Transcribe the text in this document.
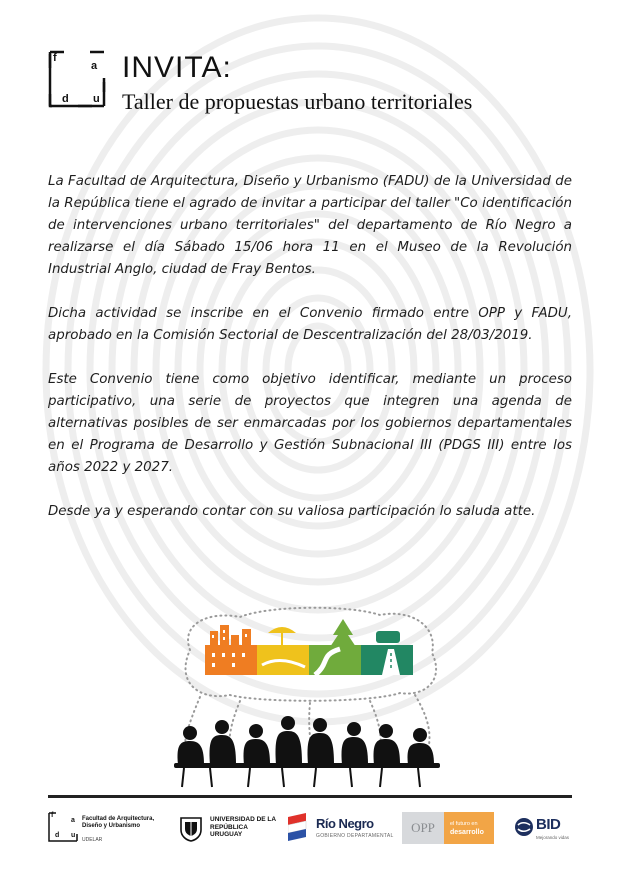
f
a
d u
INVITA:
Taller de propuestas urbano territoriales

La Facultad de Arquitectura, Diseño y Urbanismo (FADU) de la Universidad de la República tiene el agrado de invitar a participar del taller "Co identificación de intervenciones urbano territoriales" del departamento de Río Negro a realizarse el día Sábado 15/06 hora 11 en el Museo de la Revolución Industrial Anglo, ciudad de Fray Bentos.

Dicha actividad se inscribe en el Convenio firmado entre OPP y FADU, aprobado en la Comisión Sectorial de Descentralización del 28/03/2019.

Este Convenio tiene como objetivo identificar, mediante un proceso participativo, una serie de proyectos que integren una agenda de alternativas posibles de ser enmarcadas por los gobiernos departamentales en el Programa de Desarrollo y Gestión Subnacional III (PDGS III) entre los años 2022 y 2027.

Desde ya y esperando contar con su valiosa participación lo saluda atte.

f
a
d u
Facultad de Arquitectura, Diseño y Urbanismo
UDELAR
UNIVERSIDAD DE LA REPÚBLICA URUGUAY
Río Negro
GOBIERNO DEPARTAMENTAL
OPP	el futuro en
desarrollo	BID
Mejorando vidas
